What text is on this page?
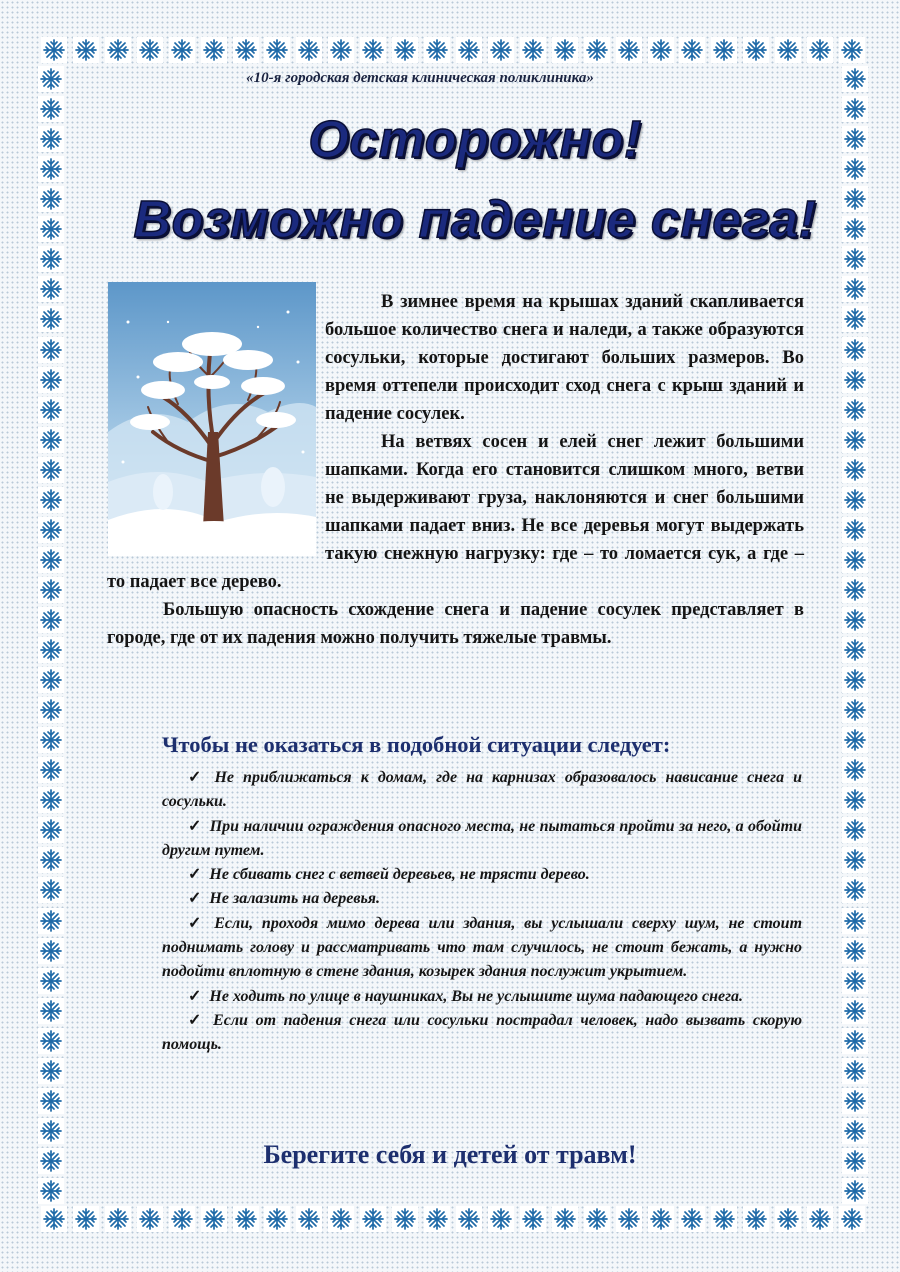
«10-я городская детская клиническая поликлиника»
Осторожно!
Возможно падение снега!

В зимнее время на крышах зданий скапливается большое количество снега и наледи, а также образуются сосульки, которые достигают больших размеров. Во время оттепели происходит сход снега с крыш зданий и падение сосулек.

На ветвях сосен и елей снег лежит большими шапками. Когда его становится слишком много, ветви не выдерживают груза, наклоняются и снег большими шапками падает вниз. Не все деревья могут выдержать такую снежную нагрузку: где – то ломается сук, а где – то падает все дерево.

Большую опасность схождение снега и падение сосулек представляет в городе, где от их падения можно получить тяжелые травмы.

Чтобы не оказаться в подобной ситуации следует:

✓ Не приближаться к домам, где на карнизах образовалось нависание снега и сосульки.

✓ При наличии ограждения опасного места, не пытаться пройти за него, а обойти другим путем.

✓ Не сбивать снег с ветвей деревьев, не трясти дерево.

✓ Не залазить на деревья.

✓ Если, проходя мимо дерева или здания, вы услышали сверху шум, не стоит поднимать голову и рассматривать что там случилось, не стоит бежать, а нужно подойти вплотную в стене здания, козырек здания послужит укрытием.

✓ Не ходить по улице в наушниках, Вы не услышите шума падающего снега.

✓ Если от падения снега или сосульки пострадал человек, надо вызвать скорую помощь.

Берегите себя и детей от травм!
